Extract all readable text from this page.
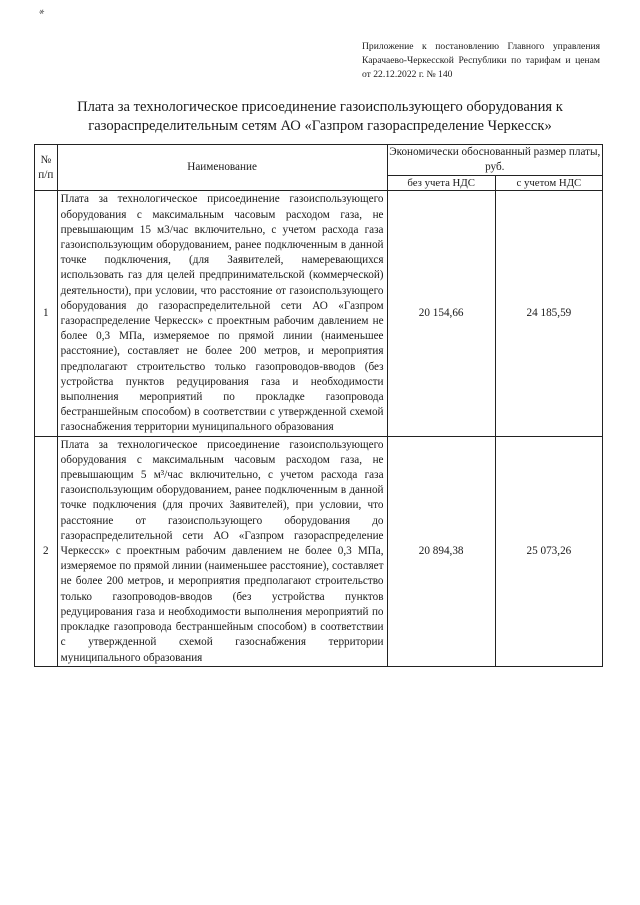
*
Приложение к постановлению Главного управления Карачаево-Черкесской Республики по тарифам и ценам от 22.12.2022 г. № 140
Плата за технологическое присоединение газоиспользующего оборудования к газораспределительным сетям АО «Газпром газораспределение Черкесск»
№ п/п	Наименование	Экономически обоснованный размер платы, руб.	
		без учета НДС	с учетом НДС
1	Плата за технологическое присоединение газоиспользующего оборудования с максимальным часовым расходом газа, не превышающим 15 м3/час включительно, с учетом расхода газа газоиспользующим оборудованием, ранее подключенным в данной точке подключения, (для Заявителей, намеревающихся использовать газ для целей предпринимательской (коммерческой) деятельности), при условии, что расстояние от газоиспользующего оборудования до газораспределительной сети АО «Газпром газораспределение Черкесск» с проектным рабочим давлением не более 0,3 МПа, измеряемое по прямой линии (наименьшее расстояние), составляет не более 200 метров, и мероприятия предполагают строительство только газопроводов-вводов (без устройства пунктов редуцирования газа и необходимости выполнения мероприятий по прокладке газопровода бестраншейным способом) в соответствии с утвержденной схемой газоснабжения территории муниципального образования	20 154,66	24 185,59
2	Плата за технологическое присоединение газоиспользующего оборудования с максимальным часовым расходом газа, не превышающим 5 м³/час включительно, с учетом расхода газа газоиспользующим оборудованием, ранее подключенным в данной точке подключения (для прочих Заявителей), при условии, что расстояние от газоиспользующего оборудования до газораспределительной сети АО «Газпром газораспределение Черкесск» с проектным рабочим давлением не более 0,3 МПа, измеряемое по прямой линии (наименьшее расстояние), составляет не более 200 метров, и мероприятия предполагают строительство только газопроводов-вводов (без устройства пунктов редуцирования газа и необходимости выполнения мероприятий по прокладке газопровода бестраншейным способом) в соответствии с утвержденной схемой газоснабжения территории муниципального образования	20 894,38	25 073,26
